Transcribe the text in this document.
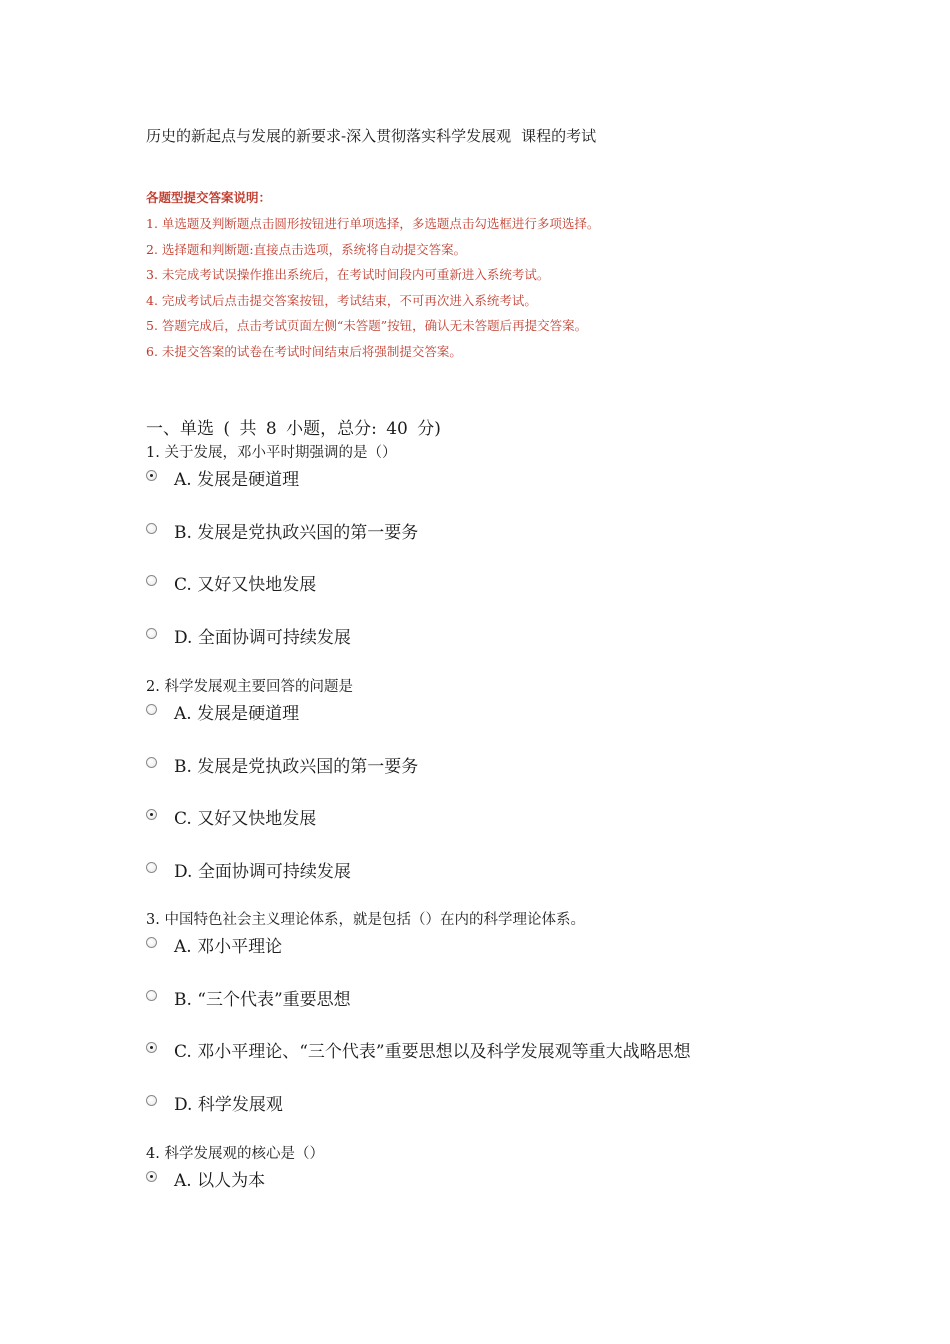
历史的新起点与发展的新要求-深入贯彻落实科学发展观 课程的考试
各题型提交答案说明：
1. 单选题及判断题点击圆形按钮进行单项选择，多选题点击勾选框进行多项选择。
2. 选择题和判断题:直接点击选项，系统将自动提交答案。
3. 未完成考试误操作推出系统后，在考试时间段内可重新进入系统考试。
4. 完成考试后点击提交答案按钮，考试结束，不可再次进入系统考试。
5. 答题完成后，点击考试页面左侧“未答题”按钮，确认无未答题后再提交答案。
6. 未提交答案的试卷在考试时间结束后将强制提交答案。
一、单选 ( 共 8 小题，总分: 40 分)
1. 关于发展，邓小平时期强调的是（）
A. 发展是硬道理
B. 发展是党执政兴国的第一要务
C. 又好又快地发展
D. 全面协调可持续发展
2. 科学发展观主要回答的问题是
A. 发展是硬道理
B. 发展是党执政兴国的第一要务
C. 又好又快地发展
D. 全面协调可持续发展
3. 中国特色社会主义理论体系，就是包括（）在内的科学理论体系。
A. 邓小平理论
B. “三个代表”重要思想
C. 邓小平理论、“三个代表”重要思想以及科学发展观等重大战略思想
D. 科学发展观
4. 科学发展观的核心是（）
A. 以人为本
